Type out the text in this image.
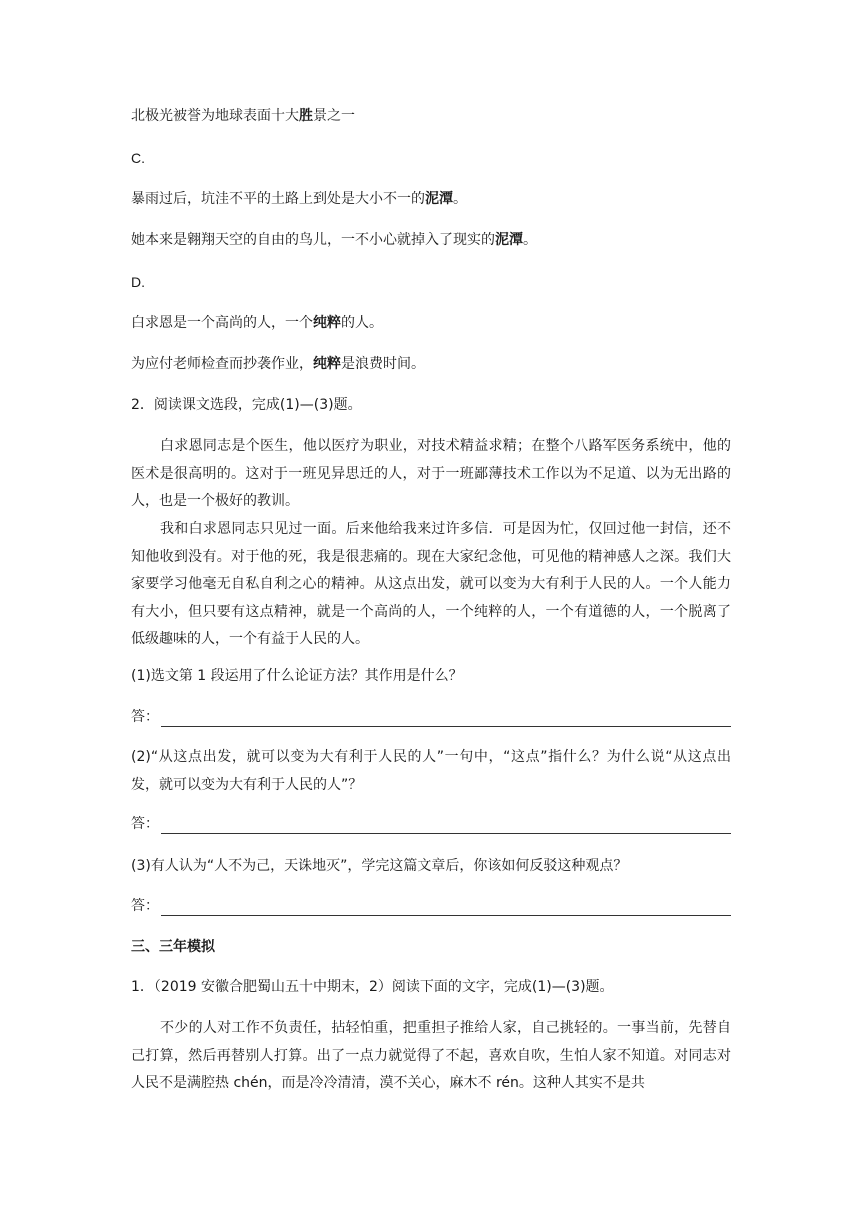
北极光被誉为地球表面十大胜景之一

C.

暴雨过后，坑洼不平的土路上到处是大小不一的泥潭。

她本来是翱翔天空的自由的鸟儿，一不小心就掉入了现实的泥潭。

D.

白求恩是一个高尚的人，一个纯粹的人。

为应付老师检查而抄袭作业，纯粹是浪费时间。

2．阅读课文选段，完成(1)—(3)题。

白求恩同志是个医生，他以医疗为职业，对技术精益求精；在整个八路军医务系统中，他的医术是很高明的。这对于一班见异思迁的人，对于一班鄙薄技术工作以为不足道、以为无出路的人，也是一个极好的教训。

我和白求恩同志只见过一面。后来他给我来过许多信．可是因为忙，仅回过他一封信，还不知他收到没有。对于他的死，我是很悲痛的。现在大家纪念他，可见他的精神感人之深。我们大家要学习他毫无自私自利之心的精神。从这点出发，就可以变为大有利于人民的人。一个人能力有大小，但只要有这点精神，就是一个高尚的人，一个纯粹的人，一个有道德的人，一个脱离了低级趣味的人，一个有益于人民的人。

(1)选文第 1 段运用了什么论证方法？其作用是什么？

答：

(2)“从这点出发，就可以变为大有利于人民的人”一句中，“这点”指什么？为什么说“从这点出发，就可以变为大有利于人民的人”？

答：

(3)有人认为“人不为己，天诛地灭”，学完这篇文章后，你该如何反驳这种观点？

答：

三、三年模拟

1．（2019 安徽合肥蜀山五十中期末，2）阅读下面的文字，完成(1)—(3)题。

不少的人对工作不负责任，拈轻怕重，把重担子推给人家，自己挑轻的。一事当前，先替自己打算，然后再替别人打算。出了一点力就觉得了不起，喜欢自吹，生怕人家不知道。对同志对人民不是满腔热 chén，而是冷冷清清，漠不关心，麻木不 rén。这种人其实不是共
